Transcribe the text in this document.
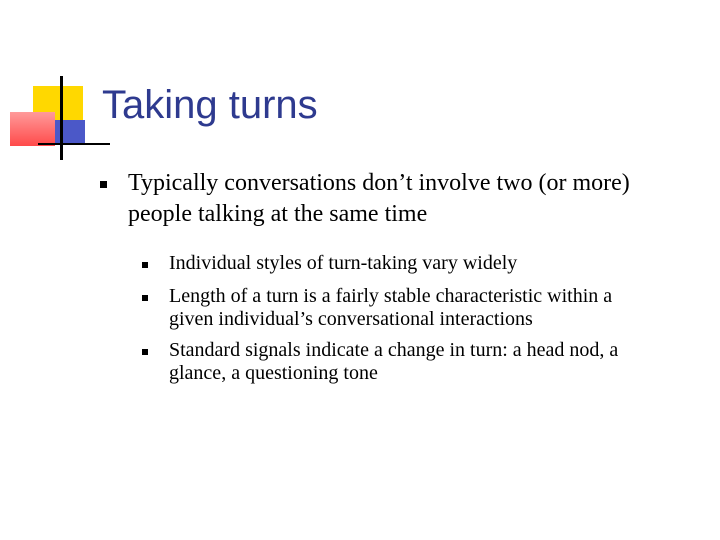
Taking turns
Typically conversations don’t involve two (or more) people talking at the same time
Individual styles of turn-taking vary widely
Length of a turn is a fairly stable characteristic within a given individual’s conversational interactions
Standard signals indicate a change in turn: a head nod, a glance, a questioning tone
